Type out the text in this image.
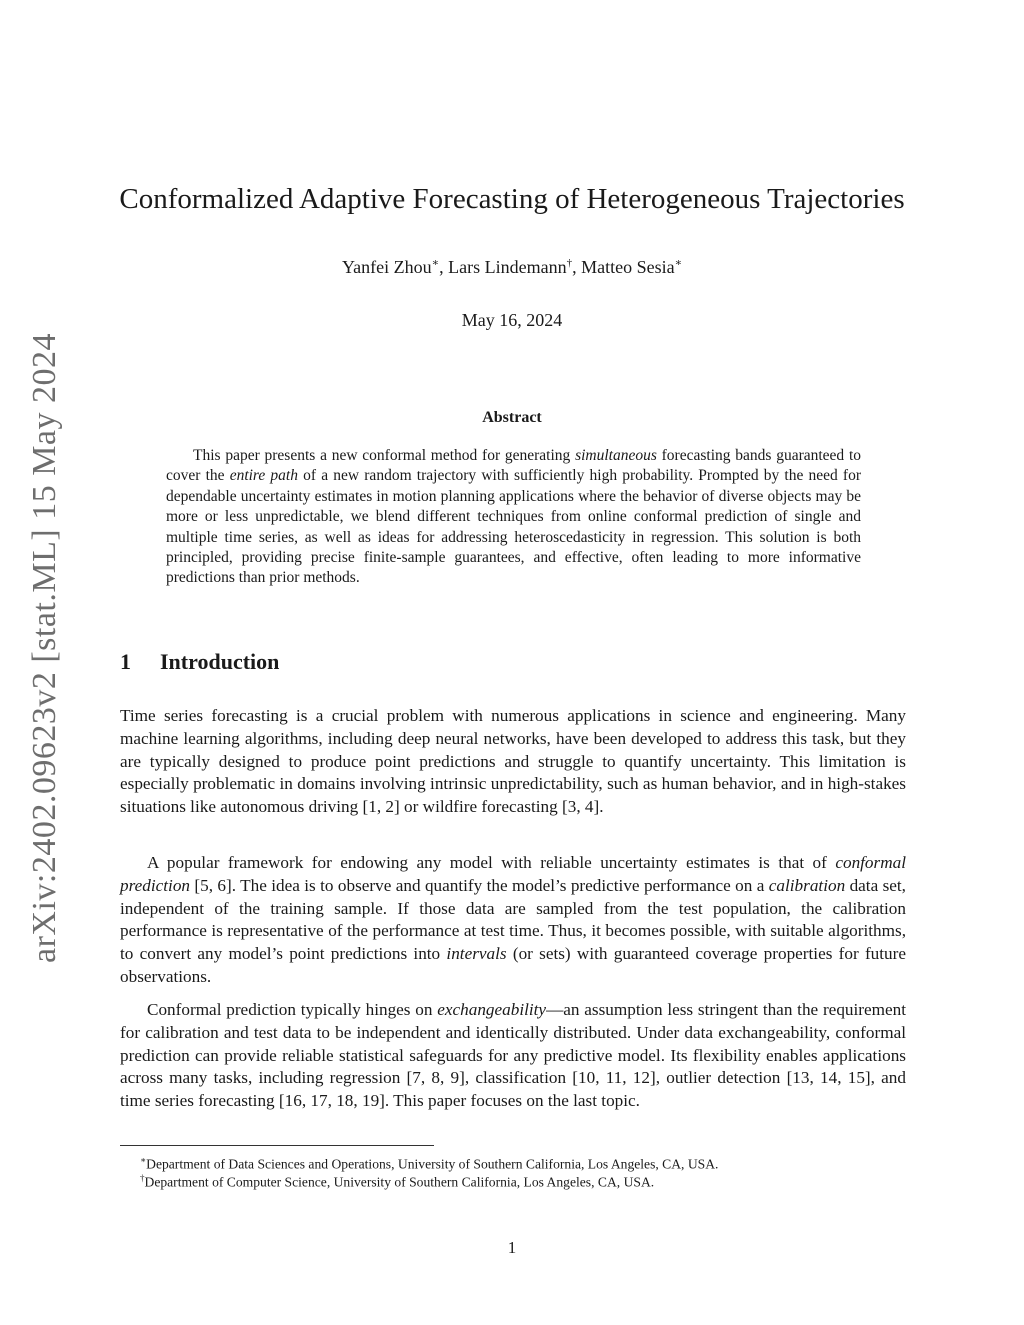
arXiv:2402.09623v2 [stat.ML] 15 May 2024
Conformalized Adaptive Forecasting of Heterogeneous Trajectories
Yanfei Zhou∗, Lars Lindemann†, Matteo Sesia∗
May 16, 2024
Abstract

This paper presents a new conformal method for generating simultaneous forecasting bands guaranteed to cover the entire path of a new random trajectory with sufficiently high probability. Prompted by the need for dependable uncertainty estimates in motion planning applications where the behavior of diverse objects may be more or less unpredictable, we blend different techniques from online conformal prediction of single and multiple time series, as well as ideas for addressing heteroscedasticity in regression. This solution is both principled, providing precise finite-sample guarantees, and effective, often leading to more informative predictions than prior methods.

1 Introduction

Time series forecasting is a crucial problem with numerous applications in science and engineering. Many machine learning algorithms, including deep neural networks, have been developed to address this task, but they are typically designed to produce point predictions and struggle to quantify uncertainty. This limitation is especially problematic in domains involving intrinsic unpredictability, such as human behavior, and in high-stakes situations like autonomous driving [1, 2] or wildfire forecasting [3, 4].

A popular framework for endowing any model with reliable uncertainty estimates is that of conformal prediction [5, 6]. The idea is to observe and quantify the model’s predictive performance on a calibration data set, independent of the training sample. If those data are sampled from the test population, the calibration performance is representative of the performance at test time. Thus, it becomes possible, with suitable algorithms, to convert any model’s point predictions into intervals (or sets) with guaranteed coverage properties for future observations.

Conformal prediction typically hinges on exchangeability—an assumption less stringent than the requirement for calibration and test data to be independent and identically distributed. Under data exchangeability, conformal prediction can provide reliable statistical safeguards for any predictive model. Its flexibility enables applications across many tasks, including regression [7, 8, 9], classification [10, 11, 12], outlier detection [13, 14, 15], and time series forecasting [16, 17, 18, 19]. This paper focuses on the last topic.

∗Department of Data Sciences and Operations, University of Southern California, Los Angeles, CA, USA.
†Department of Computer Science, University of Southern California, Los Angeles, CA, USA.
1
